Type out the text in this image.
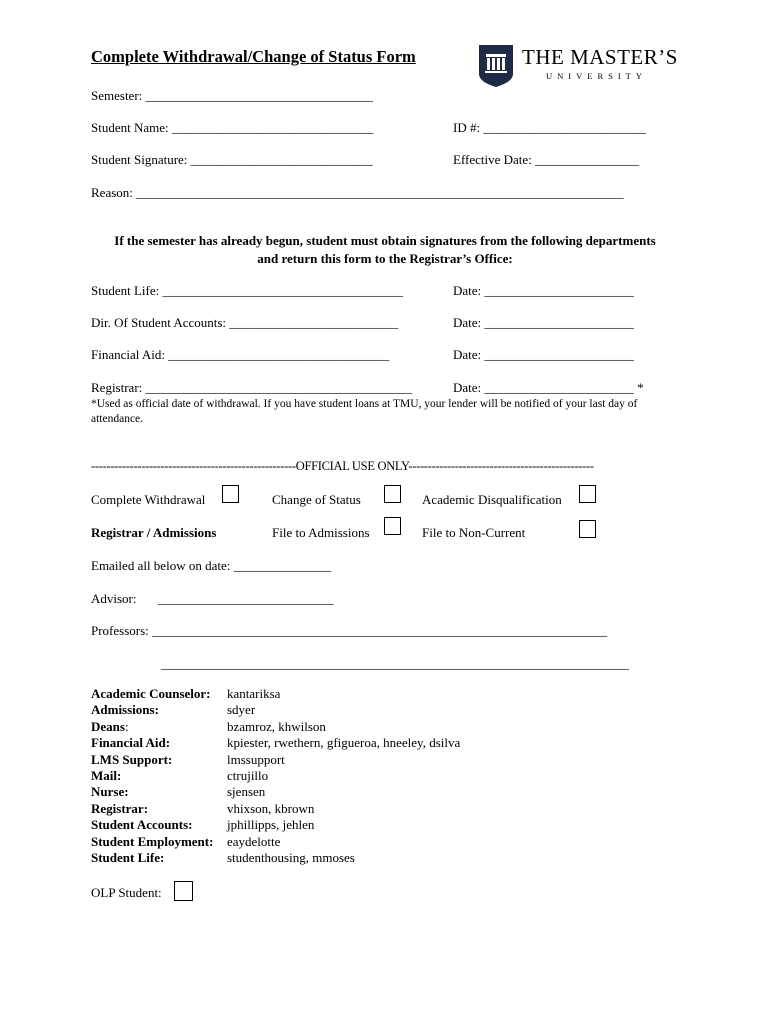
Complete Withdrawal/Change of Status Form	THE MASTER’S
UNIVERSITY
Semester: ___________________________________
Student Name: _______________________________	ID #: _________________________
Student Signature: ____________________________	Effective Date: ________________
Reason: ___________________________________________________________________________
If the semester has already begun, student must obtain signatures from the following departments
and return this form to the Registrar’s Office:
Student Life: _____________________________________	Date: _______________________
Dir. Of Student Accounts: __________________________	Date: _______________________
Financial Aid: __________________________________	Date: _______________________
Registrar: _________________________________________	Date: _______________________ *
*Used as official date of withdrawal. If you have student loans at TMU, your lender will be notified of your last day of attendance.
-----------------------------------------------------OFFICIAL USE ONLY------------------------------------------------
Complete Withdrawal	Change of Status	Academic Disqualification
Registrar / Admissions	File to Admissions	File to Non-Current
Emailed all below on date: _______________
Advisor: ___________________________
Professors: ______________________________________________________________________
________________________________________________________________________
Academic Counselor:	kantariksa
Admissions:	sdyer
Deans:	bzamroz, khwilson
Financial Aid:	kpiester, rwethern, gfigueroa, hneeley, dsilva
LMS Support:	lmssupport
Mail:	ctrujillo
Nurse:	sjensen
Registrar:	vhixson, kbrown
Student Accounts:	jphillipps, jehlen
Student Employment:	eaydelotte
Student Life:	studenthousing, mmoses
OLP Student:
